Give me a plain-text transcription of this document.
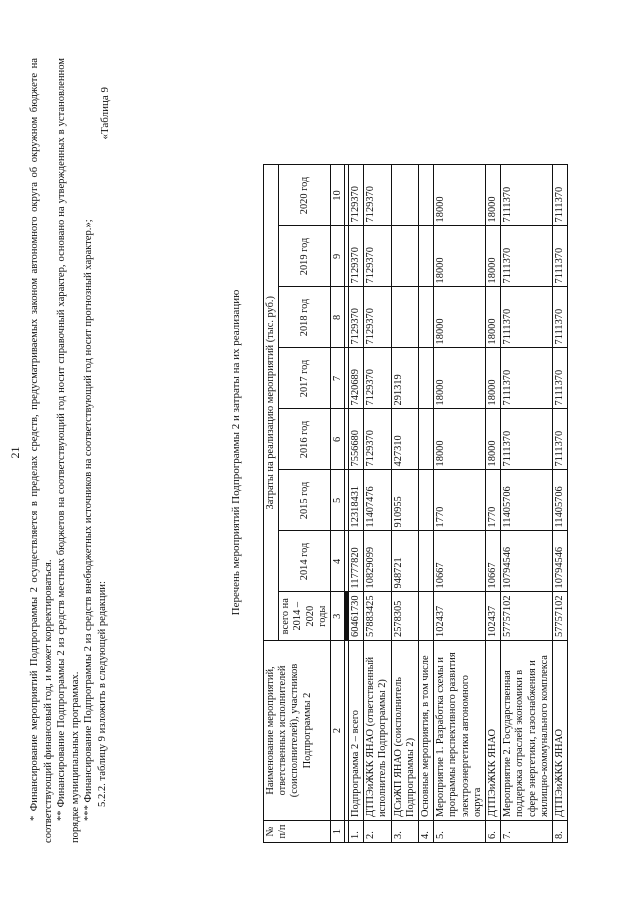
21 * Финансирование мероприятий Подпрограммы 2 осуществляется в пределах средств, предусматриваемых законом автономного округа об окружном бюджете на соответствующий финансовый год, и может корректироваться. ** Финансирование Подпрограммы 2 из средств местных бюджетов на соответствующий год носит справочный характер, основано на утвержденных в установленном порядке муниципальных программах. *** Финансирование Подпрограммы 2 из средств внебюджетных источников на соответствующий год носит прогнозный характер.»; 5.2.2. таблицу 9 изложить в следующей редакции:

«Таблица 9
Перечень мероприятий Подпрограммы 2 и затраты на их реализацию
№ п/п	Наименование мероприятий, ответственных исполнителей (соисполнителей), участников Подпрограммы 2	Затраты на реализацию мероприятий (тыс. руб.)							
		всего на 2014 – 2020 годы	2014 год	2015 год	2016 год	2017 год	2018 год	2019 год	2020 год
1	2	3	4	5	6	7	8	9	10

1.	Подпрограмма 2 – всего	60461730	11777820	12318431	7556680	7420689	7129370	7129370	7129370
2.	ДТПЭиЖКК ЯНАО (ответственный исполнитель Подпрограммы 2)	57883425	10829099	11407476	7129370	7129370	7129370	7129370	7129370
3.	ДСиЖП ЯНАО (соисполнитель Подпрограммы 2)	2578305	948721	910955	427310	291319			
4.	Основные мероприятия, в том числе								
5.	Мероприятие 1. Разработка схемы и программы перспективного развития электроэнергетики автономного округа	102437	10667	1770	18000	18000	18000	18000	18000
6.	ДТПЭиЖКК ЯНАО	102437	10667	1770	18000	18000	18000	18000	18000
7.	Мероприятие 2. Государственная поддержка отраслей экономики в сфере энергетики, газоснабжения и жилищно-коммунального комплекса	57757102	10794546	11405706	7111370	7111370	7111370	7111370	7111370
8.	ДТПЭиЖКК ЯНАО	57757102	10794546	11405706	7111370	7111370	7111370	7111370	7111370
